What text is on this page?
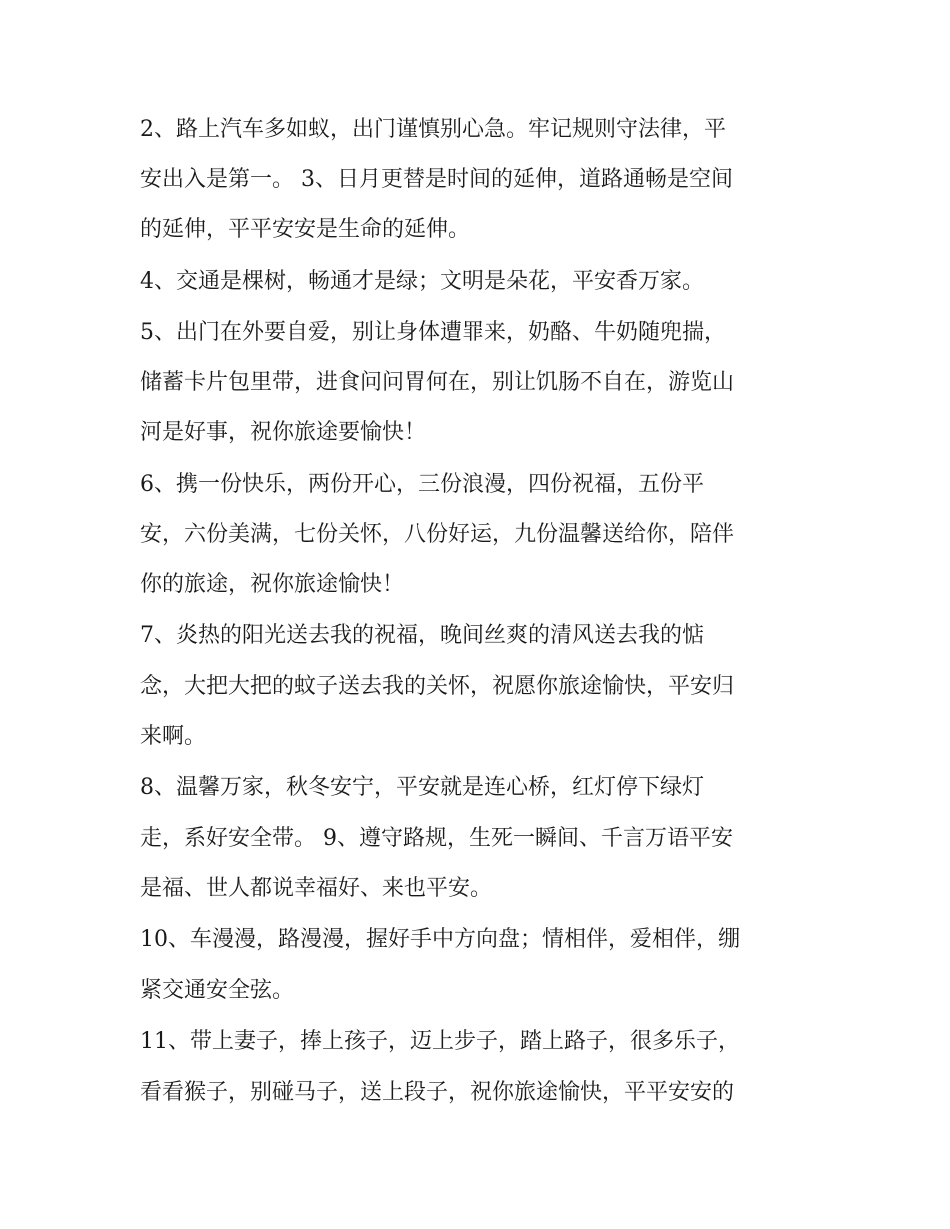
2、路上汽车多如蚁，出门谨慎别心急。牢记规则守法律，平
安出入是第一。 3、日月更替是时间的延伸，道路通畅是空间
的延伸，平平安安是生命的延伸。
4、交通是棵树，畅通才是绿；文明是朵花，平安香万家。
5、出门在外要自爱，别让身体遭罪来，奶酪、牛奶随兜揣，
储蓄卡片包里带，进食问问胃何在，别让饥肠不自在，游览山
河是好事，祝你旅途要愉快！
6、携一份快乐，两份开心，三份浪漫，四份祝福，五份平
安，六份美满，七份关怀，八份好运，九份温馨送给你，陪伴
你的旅途，祝你旅途愉快！
7、炎热的阳光送去我的祝福，晚间丝爽的清风送去我的惦
念，大把大把的蚊子送去我的关怀，祝愿你旅途愉快，平安归
来啊。
8、温馨万家，秋冬安宁，平安就是连心桥，红灯停下绿灯
走，系好安全带。 9、遵守路规，生死一瞬间、千言万语平安
是福、世人都说幸福好、来也平安。
10、车漫漫，路漫漫，握好手中方向盘；情相伴，爱相伴，绷
紧交通安全弦。
11、带上妻子，捧上孩子，迈上步子，踏上路子，很多乐子，
看看猴子，别碰马子，送上段子，祝你旅途愉快，平平安安的
